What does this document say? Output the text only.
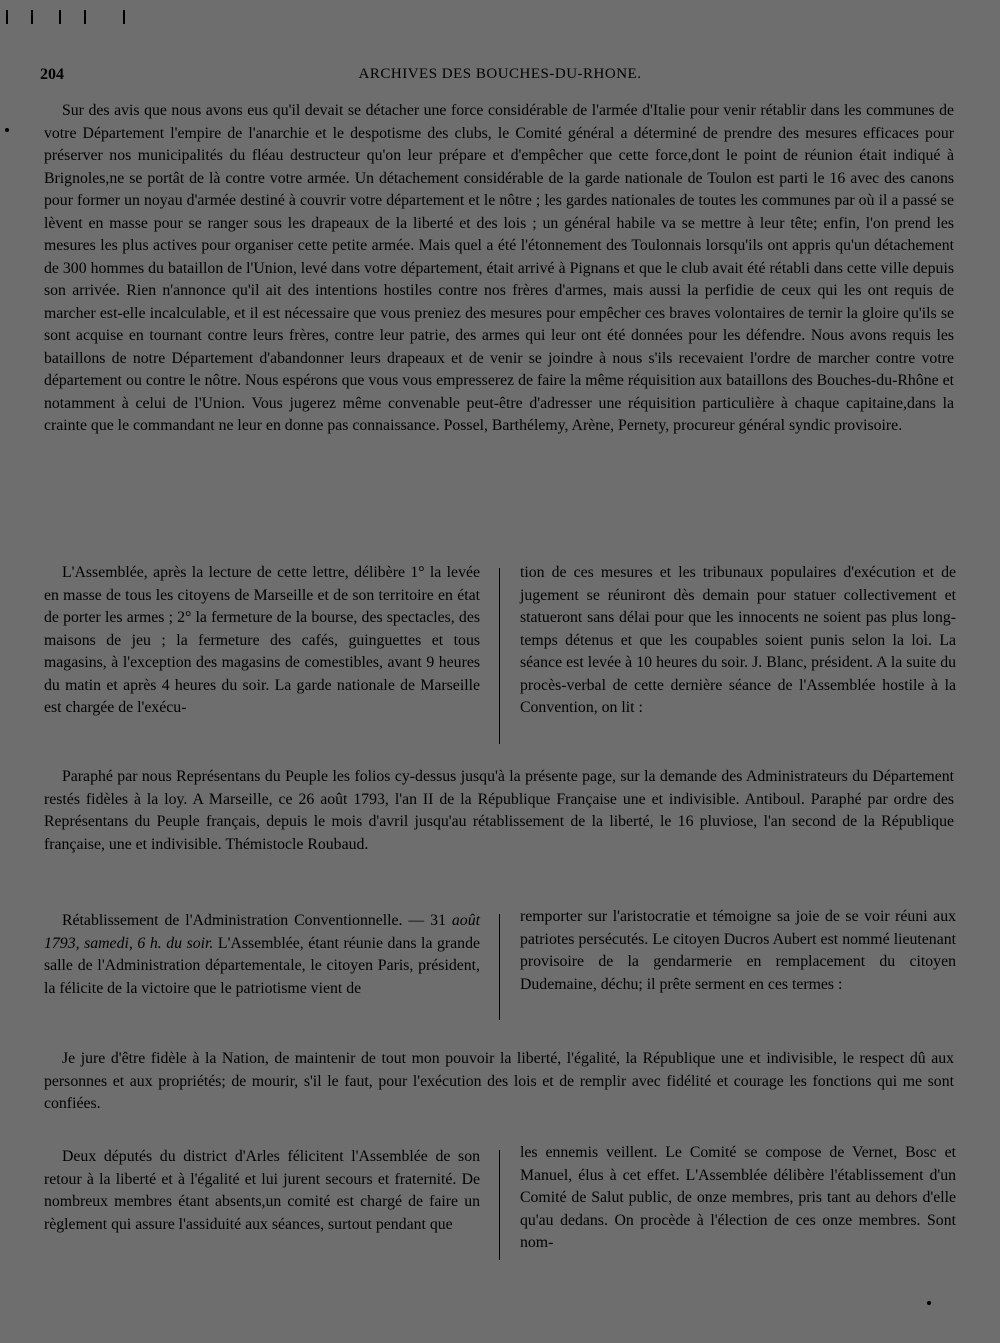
204	ARCHIVES DES BOUCHES-DU-RHONE.

Sur des avis que nous avons eus qu'il devait se détacher une force considérable de l'armée d'Italie pour venir rétablir dans les communes de votre Département l'empire de l'anarchie et le despotisme des clubs, le Comité général a déterminé de prendre des mesures efficaces pour préserver nos municipalités du fléau destructeur qu'on leur prépare et d'empêcher que cette force,dont le point de réunion était indiqué à Brignoles,ne se portât de là contre votre armée. Un détachement considérable de la garde nationale de Toulon est parti le 16 avec des canons pour former un noyau d'armée destiné à couvrir votre département et le nôtre ; les gardes nationales de toutes les communes par où il a passé se lèvent en masse pour se ranger sous les drapeaux de la liberté et des lois ; un général habile va se mettre à leur tête; enfin, l'on prend les mesures les plus actives pour organiser cette petite armée. Mais quel a été l'étonnement des Toulonnais lorsqu'ils ont appris qu'un détachement de 300 hommes du bataillon de l'Union, levé dans votre département, était arrivé à Pignans et que le club avait été rétabli dans cette ville depuis son arrivée. Rien n'annonce qu'il ait des intentions hostiles contre nos frères d'armes, mais aussi la perfidie de ceux qui les ont requis de marcher est-elle incalculable, et il est nécessaire que vous preniez des mesures pour empêcher ces braves volontaires de ternir la gloire qu'ils se sont acquise en tournant contre leurs frères, contre leur patrie, des armes qui leur ont été données pour les défendre. Nous avons requis les bataillons de notre Département d'abandonner leurs drapeaux et de venir se joindre à nous s'ils recevaient l'ordre de marcher contre votre département ou contre le nôtre. Nous espérons que vous vous empresserez de faire la même réquisition aux bataillons des Bouches-du-Rhône et notamment à celui de l'Union. Vous jugerez même convenable peut-être d'adresser une réquisition particulière à chaque capitaine,dans la crainte que le commandant ne leur en donne pas connaissance. Possel, Barthélemy, Arène, Pernety, procureur général syndic provisoire.

L'Assemblée, après la lecture de cette lettre, délibère 1° la levée en masse de tous les citoyens de Marseille et de son territoire en état de porter les armes ; 2° la fermeture de la bourse, des spectacles, des maisons de jeu ; la fermeture des cafés, guinguettes et tous magasins, à l'exception des magasins de comestibles, avant 9 heures du matin et après 4 heures du soir. La garde nationale de Marseille est chargée de l'exécu-

tion de ces mesures et les tribunaux populaires d'exécution et de jugement se réuniront dès demain pour statuer collectivement et statueront sans délai pour que les innocents ne soient pas plus long-temps détenus et que les coupables soient punis selon la loi. La séance est levée à 10 heures du soir. J. Blanc, président. A la suite du procès-verbal de cette dernière séance de l'Assemblée hostile à la Convention, on lit :

Paraphé par nous Représentans du Peuple les folios cy-dessus jusqu'à la présente page, sur la demande des Administrateurs du Département restés fidèles à la loy. A Marseille, ce 26 août 1793, l'an II de la République Française une et indivisible. Antiboul. Paraphé par ordre des Représentans du Peuple français, depuis le mois d'avril jusqu'au rétablissement de la liberté, le 16 pluviose, l'an second de la République française, une et indivisible. Thémistocle Roubaud.

Rétablissement de l'Administration Conventionnelle. — 31 août 1793, samedi, 6 h. du soir. L'Assemblée, étant réunie dans la grande salle de l'Administration départementale, le citoyen Paris, président, la félicite de la victoire que le patriotisme vient de

remporter sur l'aristocratie et témoigne sa joie de se voir réuni aux patriotes persécutés. Le citoyen Ducros Aubert est nommé lieutenant provisoire de la gendarmerie en remplacement du citoyen Dudemaine, déchu; il prête serment en ces termes :

Je jure d'être fidèle à la Nation, de maintenir de tout mon pouvoir la liberté, l'égalité, la République une et indivisible, le respect dû aux personnes et aux propriétés; de mourir, s'il le faut, pour l'exécution des lois et de remplir avec fidélité et courage les fonctions qui me sont confiées.

Deux députés du district d'Arles félicitent l'Assemblée de son retour à la liberté et à l'égalité et lui jurent secours et fraternité. De nombreux membres étant absents,un comité est chargé de faire un règlement qui assure l'assiduité aux séances, surtout pendant que

les ennemis veillent. Le Comité se compose de Vernet, Bosc et Manuel, élus à cet effet. L'Assemblée délibère l'établissement d'un Comité de Salut public, de onze membres, pris tant au dehors d'elle qu'au dedans. On procède à l'élection de ces onze membres. Sont nom-
